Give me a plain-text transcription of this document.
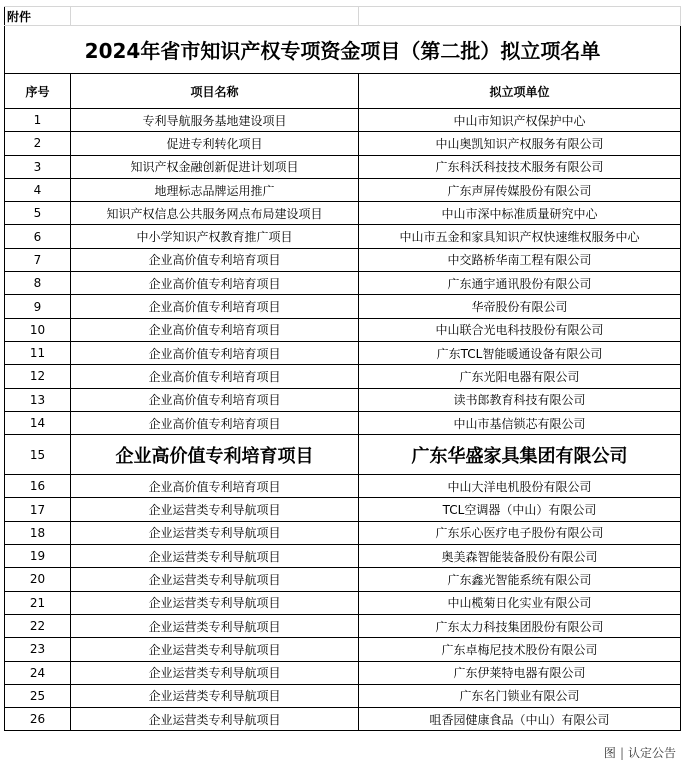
附件		
2024年省市知识产权专项资金项目（第二批）拟立项名单		
序号	项目名称	拟立项单位
1	专利导航服务基地建设项目	中山市知识产权保护中心
2	促进专利转化项目	中山奥凯知识产权服务有限公司
3	知识产权金融创新促进计划项目	广东科沃科技技术服务有限公司
4	地理标志品牌运用推广	广东声屏传媒股份有限公司
5	知识产权信息公共服务网点布局建设项目	中山市深中标准质量研究中心
6	中小学知识产权教育推广项目	中山市五金和家具知识产权快速维权服务中心
7	企业高价值专利培育项目	中交路桥华南工程有限公司
8	企业高价值专利培育项目	广东通宇通讯股份有限公司
9	企业高价值专利培育项目	华帝股份有限公司
10	企业高价值专利培育项目	中山联合光电科技股份有限公司
11	企业高价值专利培育项目	广东TCL智能暖通设备有限公司
12	企业高价值专利培育项目	广东光阳电器有限公司
13	企业高价值专利培育项目	读书郎教育科技有限公司
14	企业高价值专利培育项目	中山市基信锁芯有限公司
15	企业高价值专利培育项目	广东华盛家具集团有限公司
16	企业高价值专利培育项目	中山大洋电机股份有限公司
17	企业运营类专利导航项目	TCL空调器（中山）有限公司
18	企业运营类专利导航项目	广东乐心医疗电子股份有限公司
19	企业运营类专利导航项目	奥美森智能装备股份有限公司
20	企业运营类专利导航项目	广东鑫光智能系统有限公司
21	企业运营类专利导航项目	中山榄菊日化实业有限公司
22	企业运营类专利导航项目	广东太力科技集团股份有限公司
23	企业运营类专利导航项目	广东卓梅尼技术股份有限公司
24	企业运营类专利导航项目	广东伊莱特电器有限公司
25	企业运营类专利导航项目	广东名门锁业有限公司
26	企业运营类专利导航项目	咀香园健康食品（中山）有限公司
图 | 认定公告
